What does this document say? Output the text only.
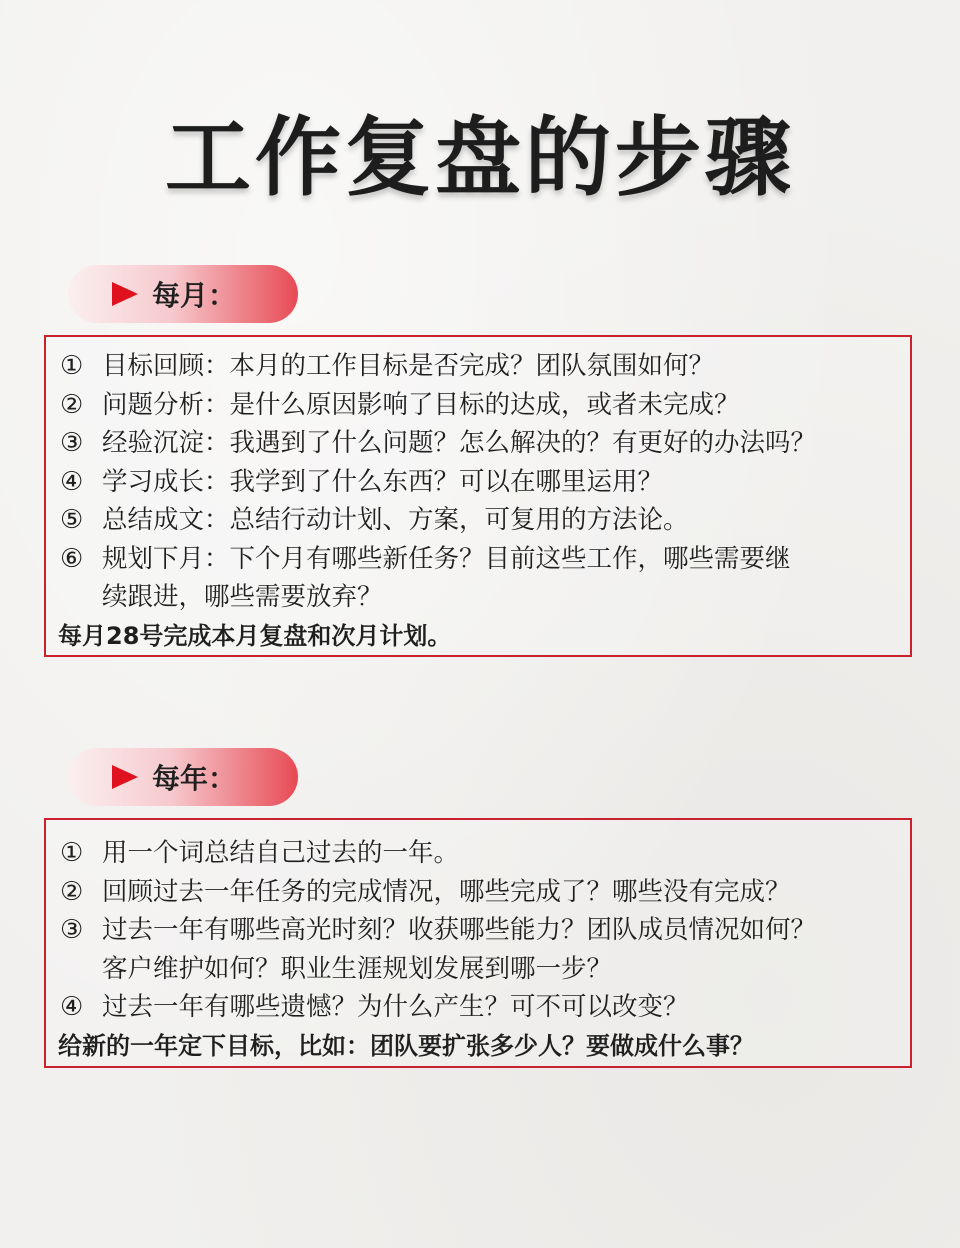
工作复盘的步骤
每月：
① 目标回顾：本月的工作目标是否完成？团队氛围如何？
② 问题分析：是什么原因影响了目标的达成，或者未完成？
③ 经验沉淀：我遇到了什么问题？怎么解决的？有更好的办法吗？
④ 学习成长：我学到了什么东西？可以在哪里运用？
⑤ 总结成文：总结行动计划、方案，可复用的方法论。
⑥ 规划下月：下个月有哪些新任务？目前这些工作，哪些需要继
续跟进，哪些需要放弃？
每月28号完成本月复盘和次月计划。
每年：
① 用一个词总结自己过去的一年。
② 回顾过去一年任务的完成情况，哪些完成了？哪些没有完成？
③ 过去一年有哪些高光时刻？收获哪些能力？团队成员情况如何？
客户维护如何？职业生涯规划发展到哪一步？
④ 过去一年有哪些遗憾？为什么产生？可不可以改变？
给新的一年定下目标，比如：团队要扩张多少人？要做成什么事？
